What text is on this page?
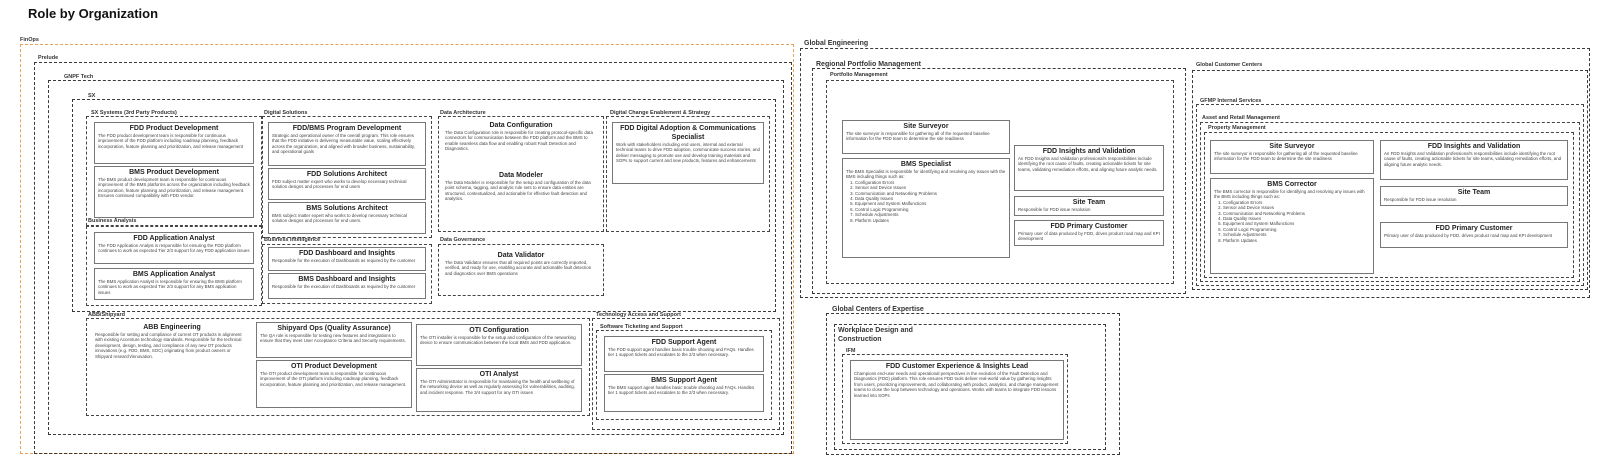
Role by Organization
FinOps
Prelude
GNPF Tech
SX
SX Systems (3rd Party Products)
FDD Product Development
The FDD product development team is responsible for continuous improvement of the FDD platform including roadmap planning, feedback incorporation, feature planning and prioritization, and release management
BMS Product Development
The BMS product development team is responsible for continuous improvement of the BMS platforms across the organization including feedback incorporation, feature planning and prioritization, and release management. Ensures continued compatibility with FDD vendor.
Digital Solutions
FDD/BMS Program Development
Strategic and operational owner of the overall program. This role ensures that the FDD initiative is delivering measurable value, scaling effectively across the organization, and aligned with broader business, sustainability, and operational goals
FDD Solutions Architect
FDD subject matter expert who works to develop necessary technical solution designs and processes for end users
BMS Solutions Architect
BMS subject matter expert who works to develop necessary technical solution designs and processes for end users.
Data Architecture
Data Configuration
The Data Configuration role is responsible for creating protocol-specific data connectors for communication between the FDD platform and the BMS to enable seamless data flow and enabling robust Fault Detection and Diagnostics.
Data Modeler
The Data Modeler is responsible for the setup and configuration of the data point schema, tagging, and analytic rule sets to ensure data entities are structured, contextualized, and actionable for effective fault detection and analytics.
Digital Change Enablement & Strategy
FDD Digital Adoption & Communications Specialist
Work with stakeholders including end users, internal and external technical teams to drive FDD adoption, communicate success stories, and deliver messaging to promote use and develop training materials and SOPs to support current and new products, features and enhancements
Business Analysis
FDD Application Analyst
The FDD Application Analyst is responsible for ensuring the FDD platform continues to work as expected Tier 2/3 support for any FDD application issues
BMS Application Analyst
The BMS Application Analyst is responsible for ensuring the BMS platform continues to work as expected Tier 2/3 support for any BMS application issues
Business Intelligence
FDD Dashboard and Insights
Responsible for the execution of Dashboards as required by the customer
BMS Dashboard and Insights
Responsible for the execution of Dashboards as required by the customer
Data Governance
Data Validator
The Data Validator ensures that all required points are correctly imported, verified, and ready for use, enabling accurate and actionable fault detection and diagnostics over BMS operations
ABB/Shipyard
ABB Engineering
Responsible for setting and compliance of current OT products in alignment with existing Accenture technology standards. Responsible for the technical development, design, testing, and compliance of any new OT products innovations (e.g. FDD, BMS, SOC) originating from product owners or Shipyard research/innovation.
Shipyard Ops (Quality Assurance)
The QA role is responsible for testing new features and integrations to ensure that they meet User Acceptance Criteria and Security requirements.
OTI Product Development
The OTI product development team is responsible for continuous improvement of the OTI platform including roadmap planning, feedback incorporation, feature planning and prioritization, and release management.
OTI Configuration
The OTI installer is responsible for the setup and configuration of the networking device to ensure communication between the local BMS and FDD application.
OTI Analyst
The OTI Administrator is responsible for maintaining the health and wellbeing of the networking device as well as regularly assessing for vulnerabilities, auditing, and incident response. The 3/4 support for any OTI issues
Technology Access and Support
Software Ticketing and Support
FDD Support Agent
The FDD support agent handles basic trouble shooting and FAQs. Handles tier 1 support tickets and escalates to the 2/3 when necessary.
BMS Support Agent
The BMS support agent handles basic trouble shooting and FAQs. Handles tier 1 support tickets and escalates to the 2/3 when necessary.
Global Engineering
Regional Portfolio Management
Portfolio Management
Site Surveyor
The site surveyor is responsible for gathering all of the requested baseline information for the FDD team to determine the site readiness
BMS Specialist
The BMS Specialist is responsible for identifying and resolving any issues with the BMS including things such as:
1. Configuration Errors
2. Sensor and Device Issues
3. Communication and Networking Problems
4. Data Quality Issues
5. Equipment and System Malfunctions
6. Control Logic Programming
7. Schedule Adjustments
8. Platform Updates
FDD Insights and Validation
An FDD Insights and Validation professional's responsibilities include identifying the root cause of faults, creating actionable tickets for site teams, validating remediation efforts, and aligning future analytic needs.
Site Team
Responsible for FDD issue resolution
FDD Primary Customer
Primary user of data produced by FDD, drives product road map and KPI development
Global Customer Centers
GFMP Internal Services
Asset and Retail Management
Property Management
Site Surveyor
The site surveyor is responsible for gathering all of the requested baseline information for the FDD team to determine the site readiness
BMS Corrector
The BMS corrector is responsible for identifying and resolving any issues with the BMS including things such as:
1. Configuration Errors
2. Sensor and Device Issues
3. Communication and Networking Problems
4. Data Quality Issues
5. Equipment and System Malfunctions
6. Control Logic Programming
7. Schedule Adjustments
8. Platform Updates
FDD Insights and Validation
An FDD Insights and Validation professional's responsibilities include identifying the root cause of faults, creating actionable tickets for site teams, validating remediation efforts, and aligning future analytic needs.
Site Team
Responsible for FDD issue resolution
FDD Primary Customer
Primary user of data produced by FDD, drives product road map and KPI development
Global Centers of Expertise
Workplace Design and Construction
IFM
FDD Customer Experience & Insights Lead
Champions end-user needs and operational perspectives in the evolution of the Fault Detection and Diagnostics (FDD) platform. This role ensures FDD tools deliver real-world value by gathering insights from users, prioritizing improvements, and collaborating with product, analytics, and change management teams to close the loop between technology and operations. Works with teams to integrate FDD lessons learned into SOPs
